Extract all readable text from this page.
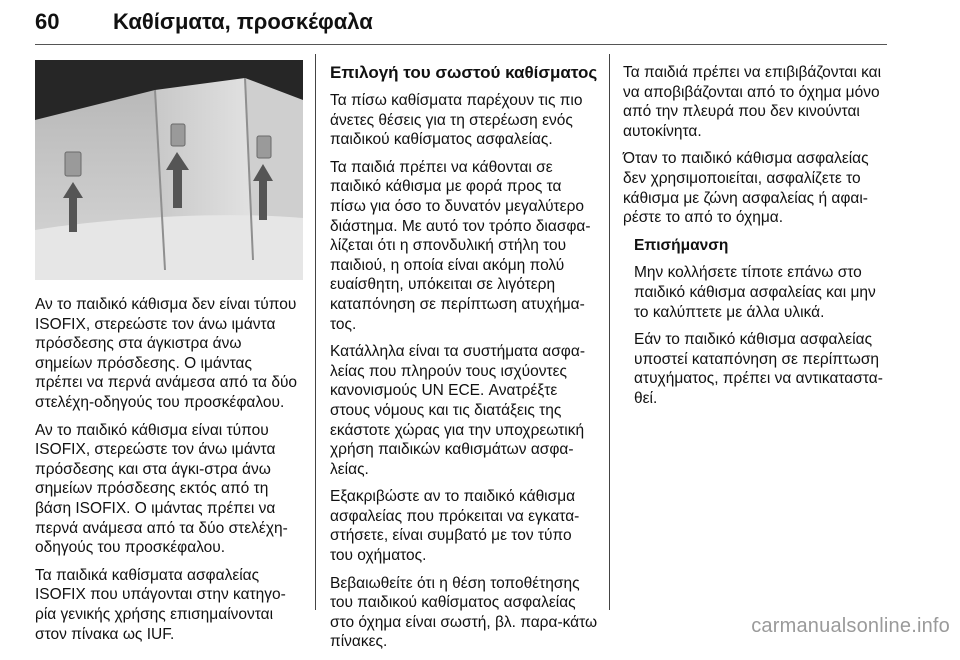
60 Καθίσματα, προσκέφαλα

Αν το παιδικό κάθισμα δεν είναι τύπου ISOFIX, στερεώστε τον άνω ιμάντα πρόσδεσης στα άγκιστρα άνω σημείων πρόσδεσης. Ο ιμάντας πρέπει να περνά ανάμεσα από τα δύο στελέχη-οδηγούς του προσκέφαλου.

Αν το παιδικό κάθισμα είναι τύπου ISOFIX, στερεώστε τον άνω ιμάντα πρόσδεσης και στα άγκι-στρα άνω σημείων πρόσδεσης εκτός από τη βάση ISOFIX. Ο ιμάντας πρέπει να περνά ανάμεσα από τα δύο στελέχη-οδηγούς του προσκέφαλου.

Τα παιδικά καθίσματα ασφαλείας ISOFIX που υπάγονται στην κατηγο-ρία γενικής χρήσης επισημαίνονται στον πίνακα ως IUF.

Επιλογή του σωστού καθίσματος

Τα πίσω καθίσματα παρέχουν τις πιο άνετες θέσεις για τη στερέωση ενός παιδικού καθίσματος ασφαλείας.

Τα παιδιά πρέπει να κάθονται σε παιδικό κάθισμα με φορά προς τα πίσω για όσο το δυνατόν μεγαλύτερο διάστημα. Με αυτό τον τρόπο διασφα-λίζεται ότι η σπονδυλική στήλη του παιδιού, η οποία είναι ακόμη πολύ ευαίσθητη, υπόκειται σε λιγότερη καταπόνηση σε περίπτωση ατυχήμα-τος.

Κατάλληλα είναι τα συστήματα ασφα-λείας που πληρούν τους ισχύοντες κανονισμούς UN ECE. Ανατρέξτε στους νόμους και τις διατάξεις της εκάστοτε χώρας για την υποχρεωτική χρήση παιδικών καθισμάτων ασφα-λείας.

Εξακριβώστε αν το παιδικό κάθισμα ασφαλείας που πρόκειται να εγκατα-στήσετε, είναι συμβατό με τον τύπο του οχήματος.

Βεβαιωθείτε ότι η θέση τοποθέτησης του παιδικού καθίσματος ασφαλείας στο όχημα είναι σωστή, βλ. παρα-κάτω πίνακες.

Τα παιδιά πρέπει να επιβιβάζονται και να αποβιβάζονται από το όχημα μόνο από την πλευρά που δεν κινούνται αυτοκίνητα.

Όταν το παιδικό κάθισμα ασφαλείας δεν χρησιμοποιείται, ασφαλίζετε το κάθισμα με ζώνη ασφαλείας ή αφαι-ρέστε το από το όχημα.

Επισήμανση

Μην κολλήσετε τίποτε επάνω στο παιδικό κάθισμα ασφαλείας και μην το καλύπτετε με άλλα υλικά.

Εάν το παιδικό κάθισμα ασφαλείας υποστεί καταπόνηση σε περίπτωση ατυχήματος, πρέπει να αντικαταστα-θεί.

carmanualsonline.info
